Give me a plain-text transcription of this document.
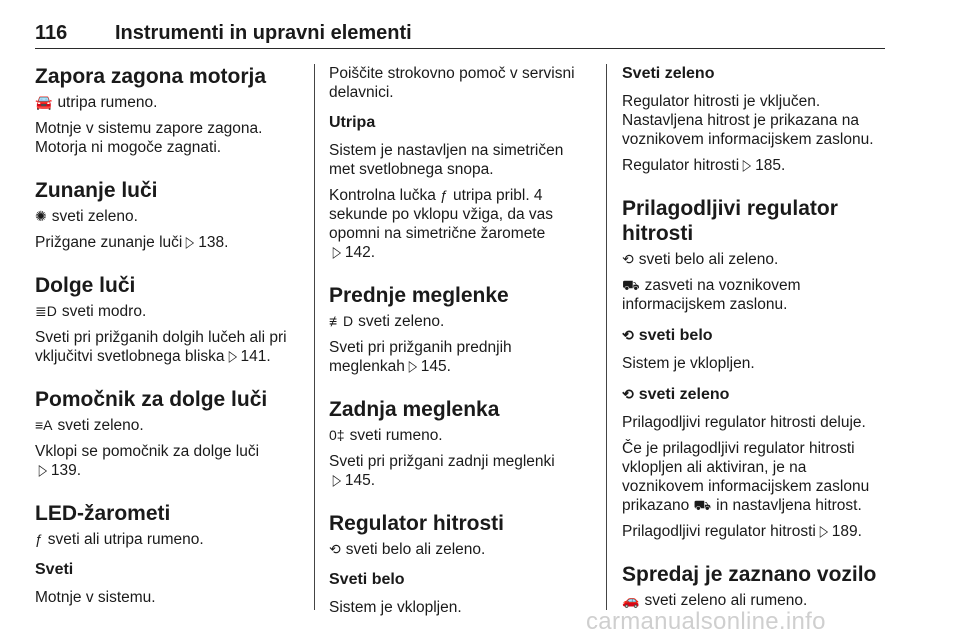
116 Instrumenti in upravni elementi
Zapora zagona motorja
🚘 utripa rumeno.
Motnje v sistemu zapore zagona. Motorja ni mogoče zagnati.
Zunanje luči
✺ sveti zeleno.
Prižgane zunanje luči ▷ 138.
Dolge luči
≣D sveti modro.
Sveti pri prižganih dolgih lučeh ali pri vključitvi svetlobnega bliska ▷ 141.
Pomočnik za dolge luči
≡A sveti zeleno.
Vklopi se pomočnik za dolge luči
▷ 139.
LED-žarometi
ƒ sveti ali utripa rumeno.
Sveti
Motnje v sistemu.
Poiščite strokovno pomoč v servisni delavnici.
Utripa
Sistem je nastavljen na simetričen met svetlobnega snopa.
Kontrolna lučka ƒ utripa pribl. 4 sekunde po vklopu vžiga, da vas opomni na simetrične žaromete
▷ 142.
Prednje meglenke
≢D sveti zeleno.
Sveti pri prižganih prednjih meglenkah ▷ 145.
Zadnja meglenka
0‡ sveti rumeno.
Sveti pri prižgani zadnji meglenki
▷ 145.
Regulator hitrosti
⟲ sveti belo ali zeleno.
Sveti belo
Sistem je vklopljen.
Sveti zeleno
Regulator hitrosti je vključen. Nastavljena hitrost je prikazana na voznikovem informacijskem zaslonu.
Regulator hitrosti ▷ 185.
Prilagodljivi regulator hitrosti
⟲ sveti belo ali zeleno.
⛟ zasveti na voznikovem informacijskem zaslonu.
⟲ sveti belo
Sistem je vklopljen.
⟲ sveti zeleno
Prilagodljivi regulator hitrosti deluje.
Če je prilagodljivi regulator hitrosti vklopljen ali aktiviran, je na voznikovem informacijskem zaslonu prikazano ⛟ in nastavljena hitrost.
Prilagodljivi regulator hitrosti ▷ 189.
Spredaj je zaznano vozilo
🚗 sveti zeleno ali rumeno.
carmanualsonline.info
